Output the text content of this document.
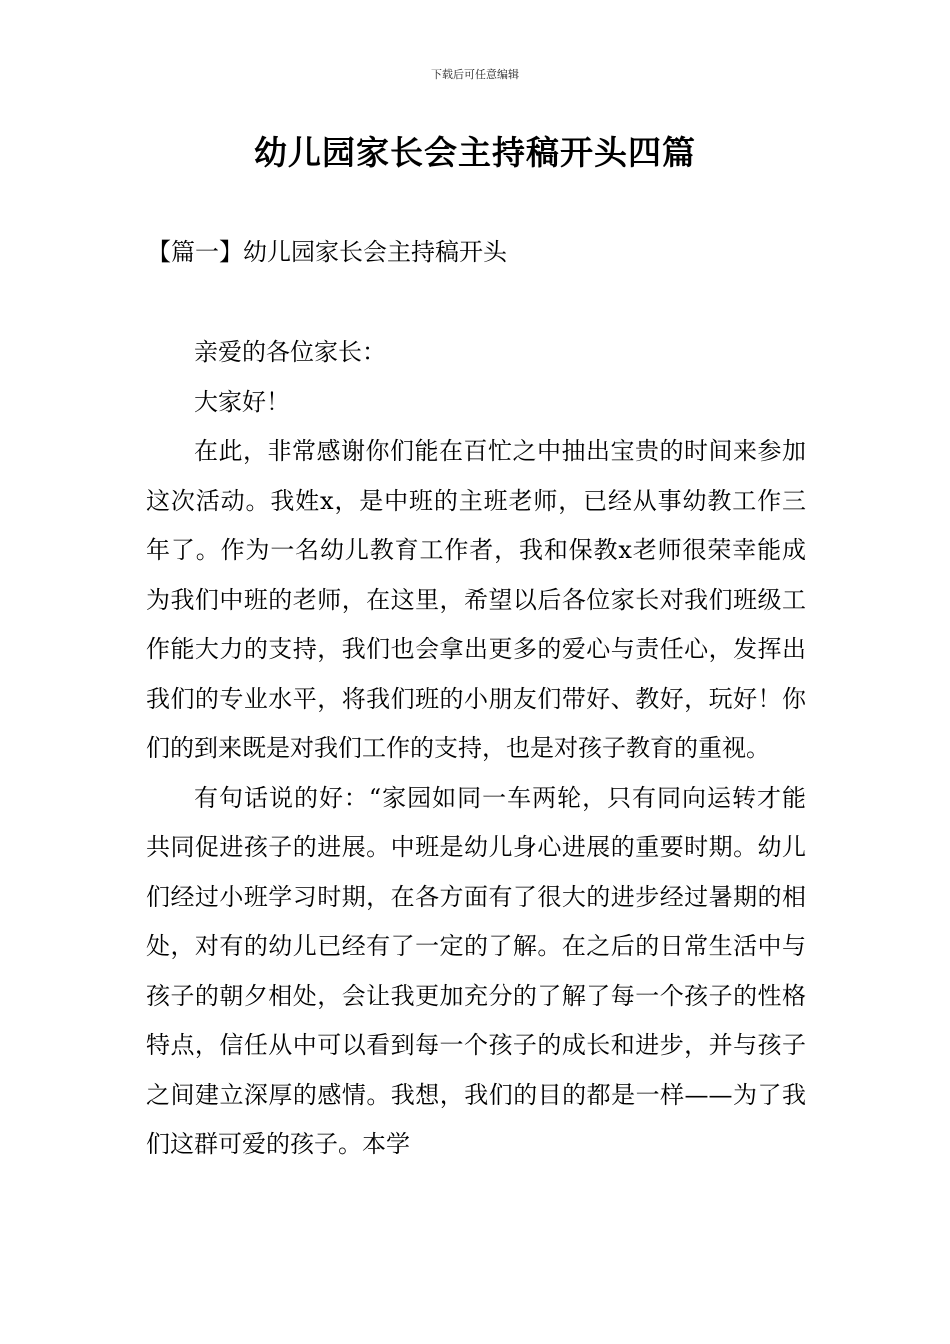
下载后可任意编辑
幼儿园家长会主持稿开头四篇
【篇一】幼儿园家长会主持稿开头

亲爱的各位家长：

大家好！

在此，非常感谢你们能在百忙之中抽出宝贵的时间来参加这次活动。我姓x，是中班的主班老师，已经从事幼教工作三年了。作为一名幼儿教育工作者，我和保教x老师很荣幸能成为我们中班的老师，在这里，希望以后各位家长对我们班级工作能大力的支持，我们也会拿出更多的爱心与责任心，发挥出我们的专业水平，将我们班的小朋友们带好、教好，玩好！你们的到来既是对我们工作的支持，也是对孩子教育的重视。

有句话说的好：“家园如同一车两轮，只有同向运转才能共同促进孩子的进展。中班是幼儿身心进展的重要时期。幼儿们经过小班学习时期，在各方面有了很大的进步经过暑期的相处，对有的幼儿已经有了一定的了解。在之后的日常生活中与孩子的朝夕相处，会让我更加充分的了解了每一个孩子的性格特点，信任从中可以看到每一个孩子的成长和进步，并与孩子之间建立深厚的感情。我想，我们的目的都是一样——为了我们这群可爱的孩子。本学
